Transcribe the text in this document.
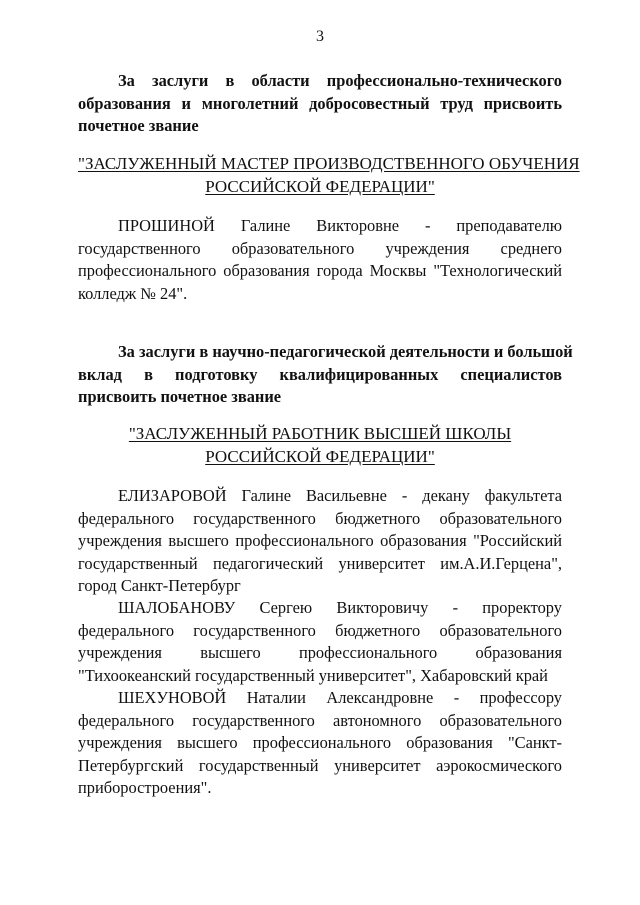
3
За заслуги в области профессионально-технического
образования и многолетний добросовестный труд присвоить
почетное звание
"ЗАСЛУЖЕННЫЙ МАСТЕР ПРОИЗВОДСТВЕННОГО ОБУЧЕНИЯ
РОССИЙСКОЙ ФЕДЕРАЦИИ"
ПРОШИНОЙ Галине Викторовне - преподавателю
государственного образовательного учреждения среднего
профессионального образования города Москвы "Технологический
колледж № 24".
За заслуги в научно-педагогической деятельности и большой
вклад в подготовку квалифицированных специалистов
присвоить почетное звание
"ЗАСЛУЖЕННЫЙ РАБОТНИК ВЫСШЕЙ ШКОЛЫ
РОССИЙСКОЙ ФЕДЕРАЦИИ"
ЕЛИЗАРОВОЙ Галине Васильевне - декану факультета
федерального государственного бюджетного образовательного
учреждения высшего профессионального образования "Российский
государственный педагогический университет им.А.И.Герцена",
город Санкт-Петербург
ШАЛОБАНОВУ Сергею Викторовичу - проректору
федерального государственного бюджетного образовательного
учреждения высшего профессионального образования
"Тихоокеанский государственный университет", Хабаровский край
ШЕХУНОВОЙ Наталии Александровне - профессору
федерального государственного автономного образовательного
учреждения высшего профессионального образования "Санкт-
Петербургский государственный университет аэрокосмического
приборостроения".
